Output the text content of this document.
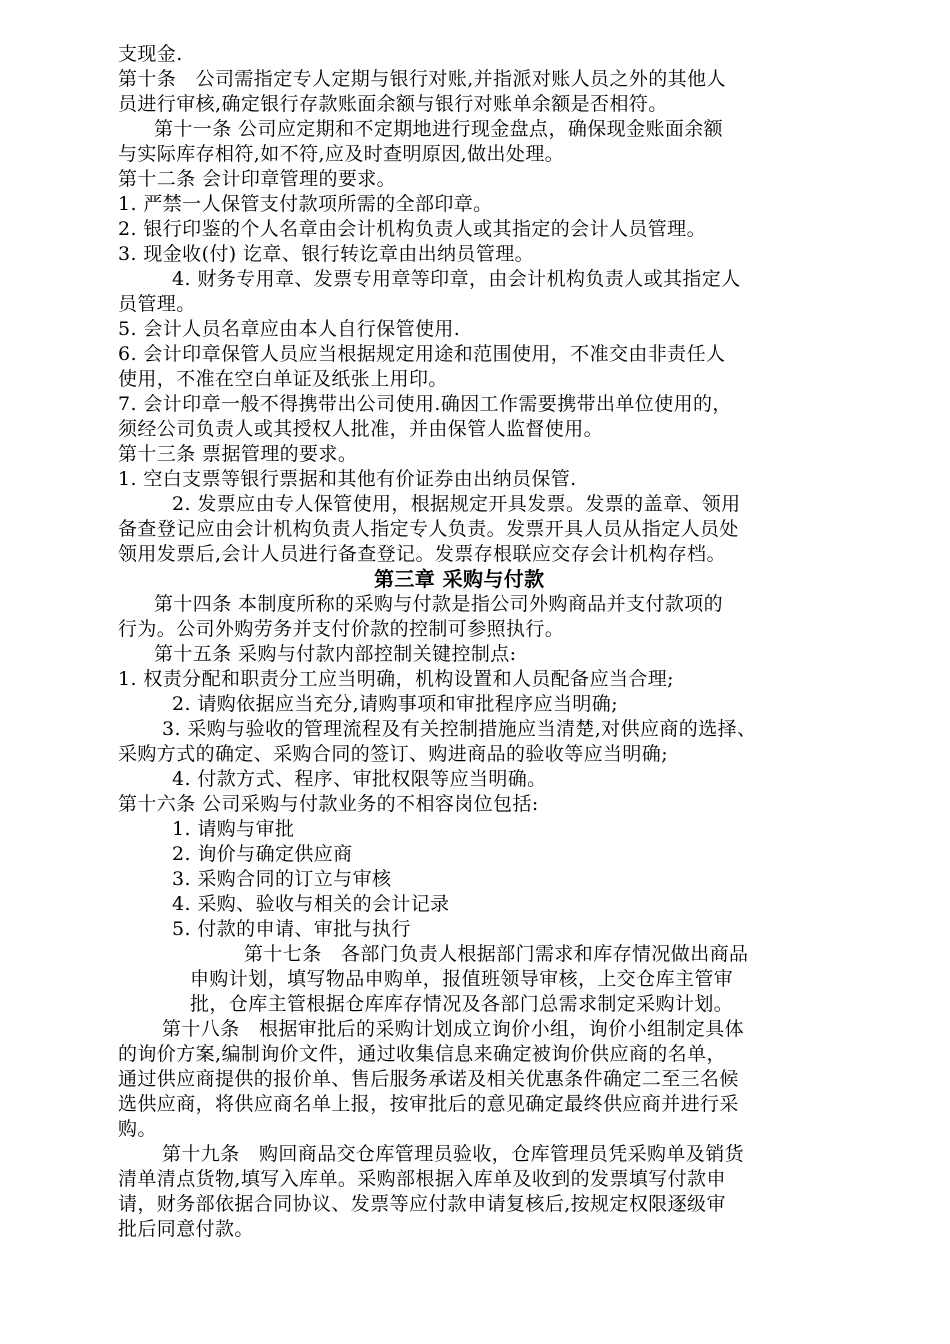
支现金.
第十条　公司需指定专人定期与银行对账,并指派对账人员之外的其他人
员进行审核,确定银行存款账面余额与银行对账单余额是否相符。
第十一条 公司应定期和不定期地进行现金盘点，确保现金账面余额
与实际库存相符,如不符,应及时查明原因,做出处理。
第十二条 会计印章管理的要求。
1. 严禁一人保管支付款项所需的全部印章。
2. 银行印鉴的个人名章由会计机构负责人或其指定的会计人员管理。
3. 现金收(付) 讫章、银行转讫章由出纳员管理。
4. 财务专用章、发票专用章等印章，由会计机构负责人或其指定人
员管理。
5. 会计人员名章应由本人自行保管使用.
6. 会计印章保管人员应当根据规定用途和范围使用，不准交由非责任人
使用，不准在空白单证及纸张上用印。
7. 会计印章一般不得携带出公司使用.确因工作需要携带出单位使用的，
须经公司负责人或其授权人批准，并由保管人监督使用。
第十三条 票据管理的要求。
1. 空白支票等银行票据和其他有价证券由出纳员保管.
2. 发票应由专人保管使用，根据规定开具发票。发票的盖章、领用
备查登记应由会计机构负责人指定专人负责。发票开具人员从指定人员处
领用发票后,会计人员进行备查登记。发票存根联应交存会计机构存档。
第三章 采购与付款
第十四条 本制度所称的采购与付款是指公司外购商品并支付款项的
行为。公司外购劳务并支付价款的控制可参照执行。
第十五条 采购与付款内部控制关键控制点:
1. 权责分配和职责分工应当明确，机构设置和人员配备应当合理;
2. 请购依据应当充分,请购事项和审批程序应当明确;
3. 采购与验收的管理流程及有关控制措施应当清楚,对供应商的选择、
采购方式的确定、采购合同的签订、购进商品的验收等应当明确;
4. 付款方式、程序、审批权限等应当明确。
第十六条 公司采购与付款业务的不相容岗位包括:
1. 请购与审批
2. 询价与确定供应商
3. 采购合同的订立与审核
4. 采购、验收与相关的会计记录
5. 付款的申请、审批与执行
第十七条　各部门负责人根据部门需求和库存情况做出商品
申购计划，填写物品申购单，报值班领导审核，上交仓库主管审
批，仓库主管根据仓库库存情况及各部门总需求制定采购计划。
第十八条　根据审批后的采购计划成立询价小组，询价小组制定具体
的询价方案,编制询价文件，通过收集信息来确定被询价供应商的名单，
通过供应商提供的报价单、售后服务承诺及相关优惠条件确定二至三名候
选供应商，将供应商名单上报，按审批后的意见确定最终供应商并进行采
购。
第十九条　购回商品交仓库管理员验收，仓库管理员凭采购单及销货
清单清点货物,填写入库单。采购部根据入库单及收到的发票填写付款申
请，财务部依据合同协议、发票等应付款申请复核后,按规定权限逐级审
批后同意付款。
